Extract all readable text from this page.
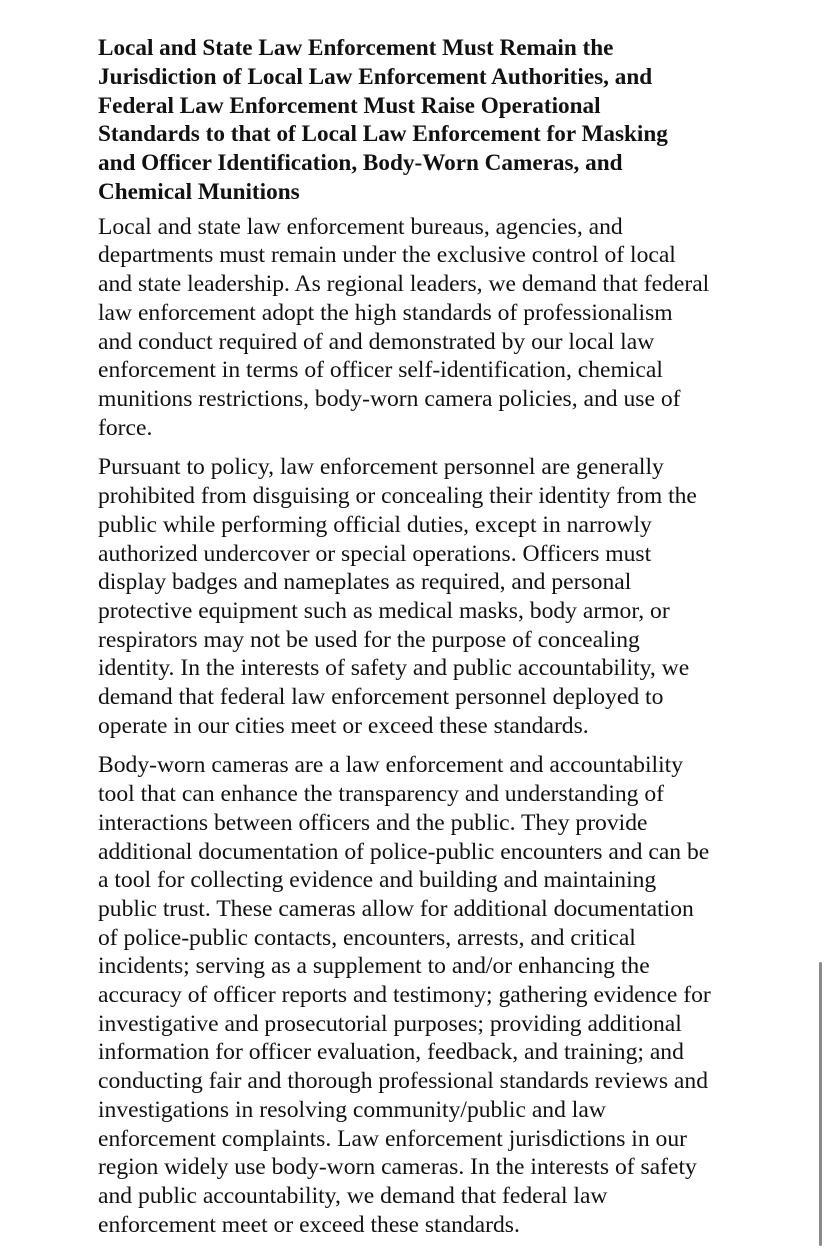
Local and State Law Enforcement Must Remain the
Jurisdiction of Local Law Enforcement Authorities, and
Federal Law Enforcement Must Raise Operational
Standards to that of Local Law Enforcement for Masking
and Officer Identification, Body-Worn Cameras, and
Chemical Munitions

Local and state law enforcement bureaus, agencies, and
departments must remain under the exclusive control of local
and state leadership. As regional leaders, we demand that federal
law enforcement adopt the high standards of professionalism
and conduct required of and demonstrated by our local law
enforcement in terms of officer self-identification, chemical
munitions restrictions, body-worn camera policies, and use of
force.

Pursuant to policy, law enforcement personnel are generally
prohibited from disguising or concealing their identity from the
public while performing official duties, except in narrowly
authorized undercover or special operations. Officers must
display badges and nameplates as required, and personal
protective equipment such as medical masks, body armor, or
respirators may not be used for the purpose of concealing
identity. In the interests of safety and public accountability, we
demand that federal law enforcement personnel deployed to
operate in our cities meet or exceed these standards.

Body-worn cameras are a law enforcement and accountability
tool that can enhance the transparency and understanding of
interactions between officers and the public. They provide
additional documentation of police-public encounters and can be
a tool for collecting evidence and building and maintaining
public trust. These cameras allow for additional documentation
of police-public contacts, encounters, arrests, and critical
incidents; serving as a supplement to and/or enhancing the
accuracy of officer reports and testimony; gathering evidence for
investigative and prosecutorial purposes; providing additional
information for officer evaluation, feedback, and training; and
conducting fair and thorough professional standards reviews and
investigations in resolving community/public and law
enforcement complaints. Law enforcement jurisdictions in our
region widely use body-worn cameras. In the interests of safety
and public accountability, we demand that federal law
enforcement meet or exceed these standards.
